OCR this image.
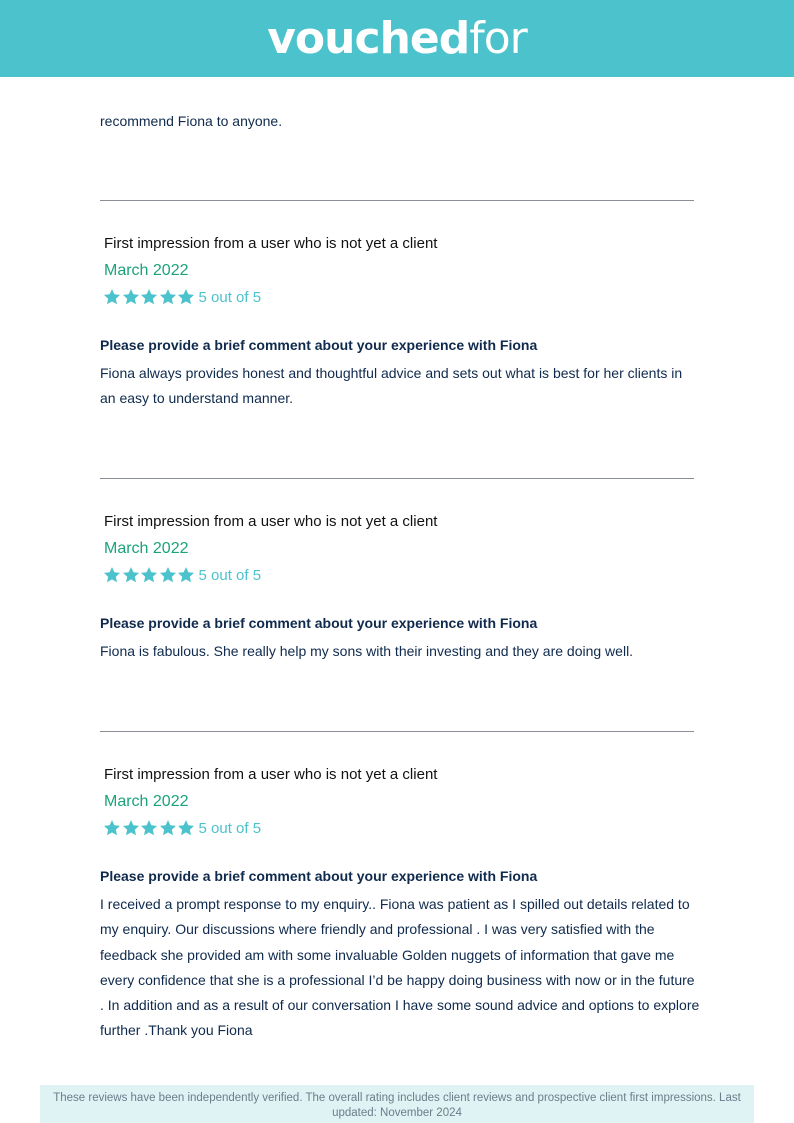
vouchedfor
recommend Fiona to anyone.
First impression from a user who is not yet a client
March 2022
5 out of 5
Please provide a brief comment about your experience with Fiona
Fiona always provides honest and thoughtful advice and sets out what is best for her clients in an easy to understand manner.
First impression from a user who is not yet a client
March 2022
5 out of 5
Please provide a brief comment about your experience with Fiona
Fiona is fabulous. She really help my sons with their investing and they are doing well.
First impression from a user who is not yet a client
March 2022
5 out of 5
Please provide a brief comment about your experience with Fiona
I received a prompt response to my enquiry.. Fiona was patient as I spilled out details related to my enquiry. Our discussions where friendly and professional . I was very satisfied with the feedback she provided am with some invaluable Golden nuggets of information that gave me every confidence that she is a professional I’d be happy doing business with now or in the future . In addition and as a result of our conversation I have some sound advice and options to explore further .Thank you Fiona
These reviews have been independently verified. The overall rating includes client reviews and prospective client first impressions. Last updated: November 2024
